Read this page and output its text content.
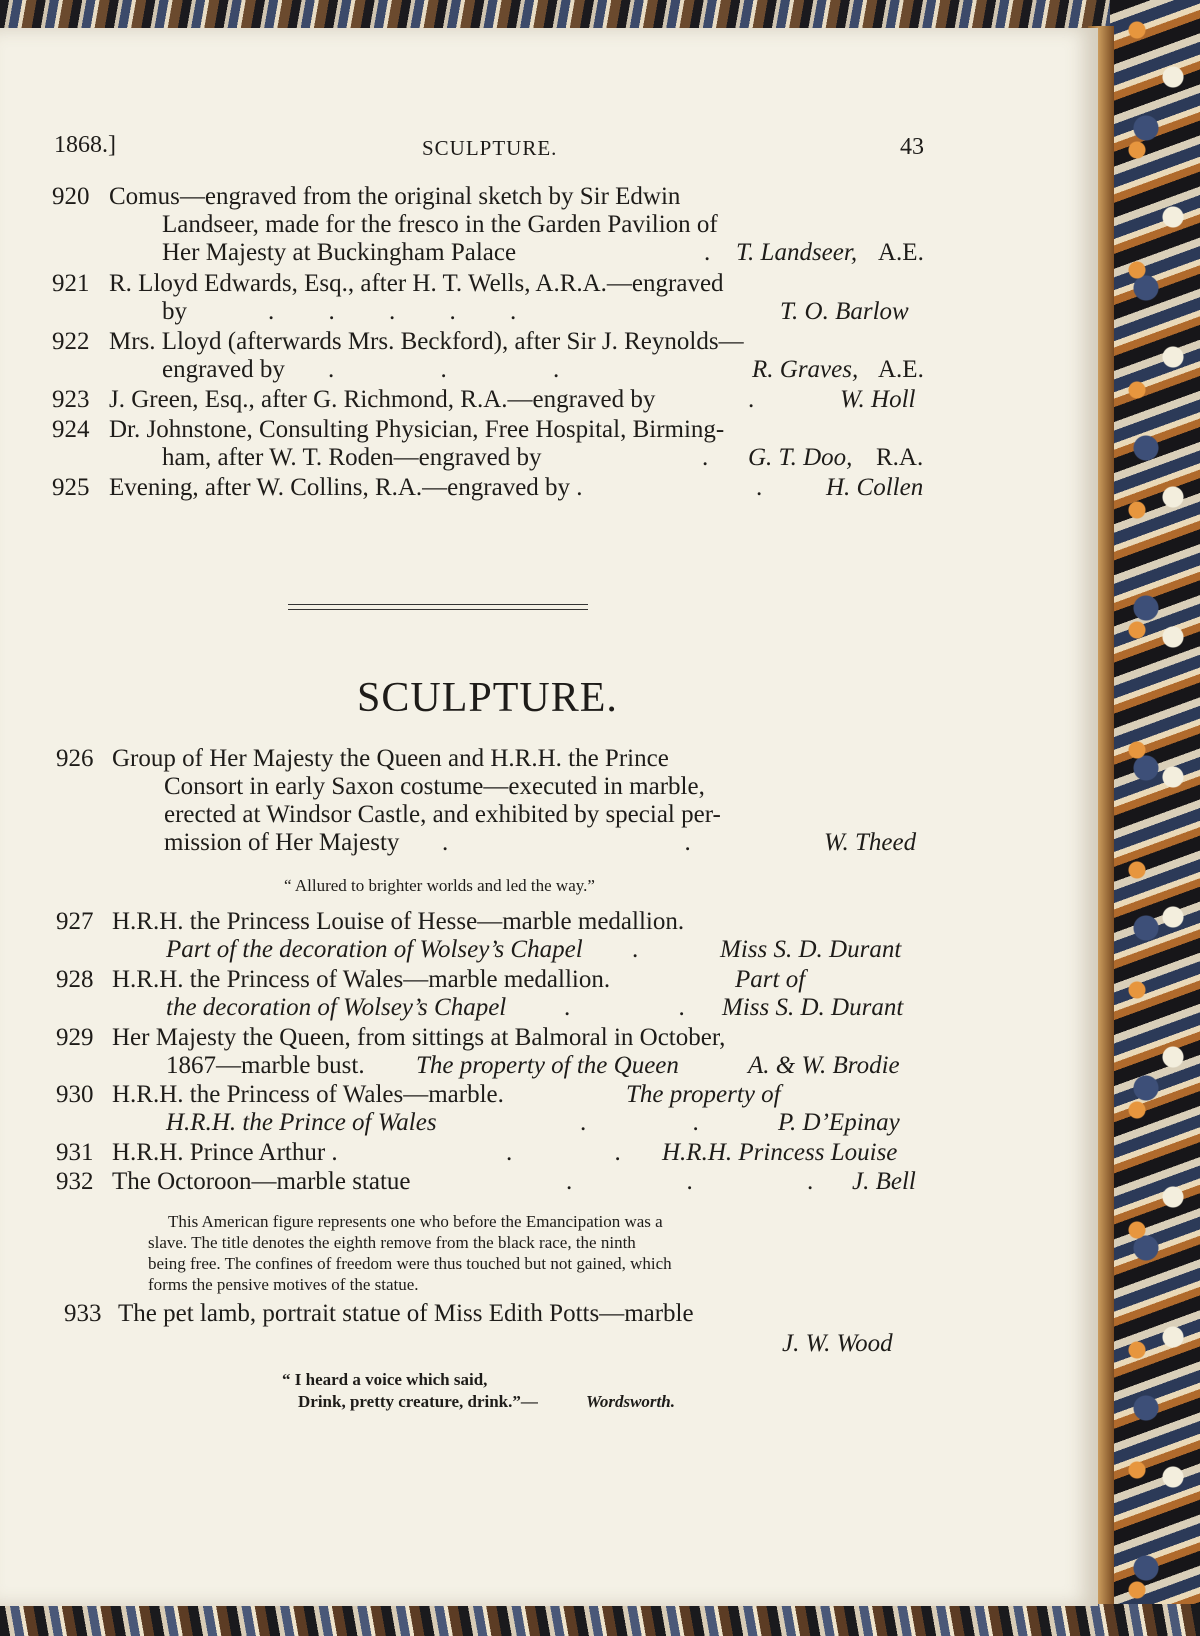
1868.]	SCULPTURE.	43
920 Comus—engraved from the original sketch by Sir Edwin
Landseer, made for the fresco in the Garden Pavilion of
Her Majesty at Buckingham Palace	. T. Landseer, A.E.
921 R. Lloyd Edwards, Esq., after H. T. Wells, A.R.A.—engraved
by	. . . . .	T. O. Barlow
922 Mrs. Lloyd (afterwards Mrs. Beckford), after Sir J. Reynolds—
engraved by . . .	R. Graves, A.E.
923 J. Green, Esq., after G. Richmond, R.A.—engraved by	.	W. Holl
924 Dr. Johnstone, Consulting Physician, Free Hospital, Birming-
ham, after W. T. Roden—engraved by	. G. T. Doo, R.A.
925 Evening, after W. Collins, R.A.—engraved by .	.	H. Collen
SCULPTURE.
926 Group of Her Majesty the Queen and H.R.H. the Prince
Consort in early Saxon costume—executed in marble,
erected at Windsor Castle, and exhibited by special per-
mission of Her Majesty . .	W. Theed
“ Allured to brighter worlds and led the way.”
927 H.R.H. the Princess Louise of Hesse—marble medallion.
Part of the decoration of Wolsey’s Chapel .	Miss S. D. Durant
928 H.R.H. the Princess of Wales—marble medallion.	Part of
the decoration of Wolsey’s Chapel . . Miss S. D. Durant
929 Her Majesty the Queen, from sittings at Balmoral in October,
1867—marble bust. The property of the Queen	A. & W. Brodie
930 H.R.H. the Princess of Wales—marble.	The property of
H.R.H. the Prince of Wales	. .	P. D’Epinay
931 H.R.H. Prince Arthur .	. . H.R.H. Princess Louise
932 The Octoroon—marble statue	. . . J. Bell
This American figure represents one who before the Emancipation was a
slave. The title denotes the eighth remove from the black race, the ninth
being free. The confines of freedom were thus touched but not gained, which
forms the pensive motives of the statue.
933 The pet lamb, portrait statue of Miss Edith Potts—marble
J. W. Wood
“ I heard a voice which said,
Drink, pretty creature, drink.”—	Wordsworth.
